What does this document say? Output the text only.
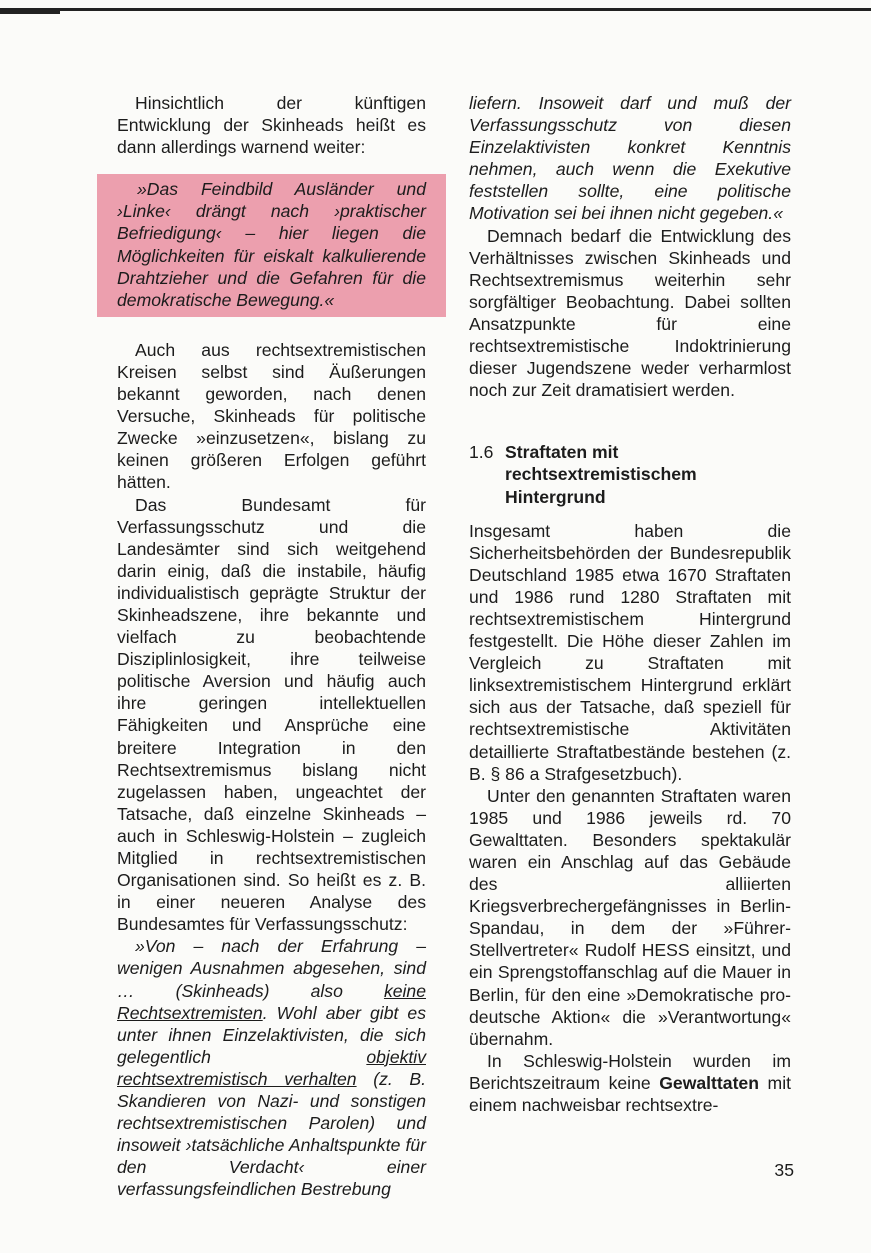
Hinsichtlich der künftigen Entwicklung der Skinheads heißt es dann allerdings warnend weiter:

»Das Feindbild Ausländer und ›Linke‹ drängt nach ›praktischer Befriedigung‹ – hier liegen die Möglichkeiten für eiskalt kalkulierende Drahtzieher und die Gefahren für die demokratische Bewegung.«

Auch aus rechtsextremistischen Kreisen selbst sind Äußerungen bekannt geworden, nach denen Versuche, Skinheads für politische Zwecke »einzusetzen«, bislang zu keinen größeren Erfolgen geführt hätten.

Das Bundesamt für Verfassungsschutz und die Landesämter sind sich weitgehend darin einig, daß die instabile, häufig individualistisch geprägte Struktur der Skinheadszene, ihre bekannte und vielfach zu beobachtende Disziplinlosigkeit, ihre teilweise politische Aversion und häufig auch ihre geringen intellektuellen Fähigkeiten und Ansprüche eine breitere Integration in den Rechtsextremismus bislang nicht zugelassen haben, ungeachtet der Tatsache, daß einzelne Skinheads – auch in Schleswig-Holstein – zugleich Mitglied in rechtsextremistischen Organisationen sind. So heißt es z. B. in einer neueren Analyse des Bundesamtes für Verfassungsschutz:

»Von – nach der Erfahrung – wenigen Ausnahmen abgesehen, sind … (Skinheads) also keine Rechtsextremisten. Wohl aber gibt es unter ihnen Einzelaktivisten, die sich gelegentlich objektiv rechtsextremistisch verhalten (z. B. Skandieren von Nazi- und sonstigen rechtsextremistischen Parolen) und insoweit ›tatsächliche Anhaltspunkte für den Verdacht‹ einer verfassungsfeindlichen Bestrebung

liefern. Insoweit darf und muß der Verfassungsschutz von diesen Einzelaktivisten konkret Kenntnis nehmen, auch wenn die Exekutive feststellen sollte, eine politische Motivation sei bei ihnen nicht gegeben.«

Demnach bedarf die Entwicklung des Verhältnisses zwischen Skinheads und Rechtsextremismus weiterhin sehr sorgfältiger Beobachtung. Dabei sollten Ansatzpunkte für eine rechtsextremistische Indoktrinierung dieser Jugendszene weder verharmlost noch zur Zeit dramatisiert werden.

1.6 Straftaten mit rechtsextremistischem Hintergrund

Insgesamt haben die Sicherheitsbehörden der Bundesrepublik Deutschland 1985 etwa 1670 Straftaten und 1986 rund 1280 Straftaten mit rechtsextremistischem Hintergrund festgestellt. Die Höhe dieser Zahlen im Vergleich zu Straftaten mit linksextremistischem Hintergrund erklärt sich aus der Tatsache, daß speziell für rechtsextremistische Aktivitäten detaillierte Straftatbestände bestehen (z. B. § 86 a Strafgesetzbuch).

Unter den genannten Straftaten waren 1985 und 1986 jeweils rd. 70 Gewalttaten. Besonders spektakulär waren ein Anschlag auf das Gebäude des alliierten Kriegsverbrechergefängnisses in Berlin-Spandau, in dem der »Führer-Stellvertreter« Rudolf HESS einsitzt, und ein Sprengstoffanschlag auf die Mauer in Berlin, für den eine »Demokratische pro-deutsche Aktion« die »Verantwortung« übernahm.

In Schleswig-Holstein wurden im Berichtszeitraum keine Gewalttaten mit einem nachweisbar rechtsextre-

35
